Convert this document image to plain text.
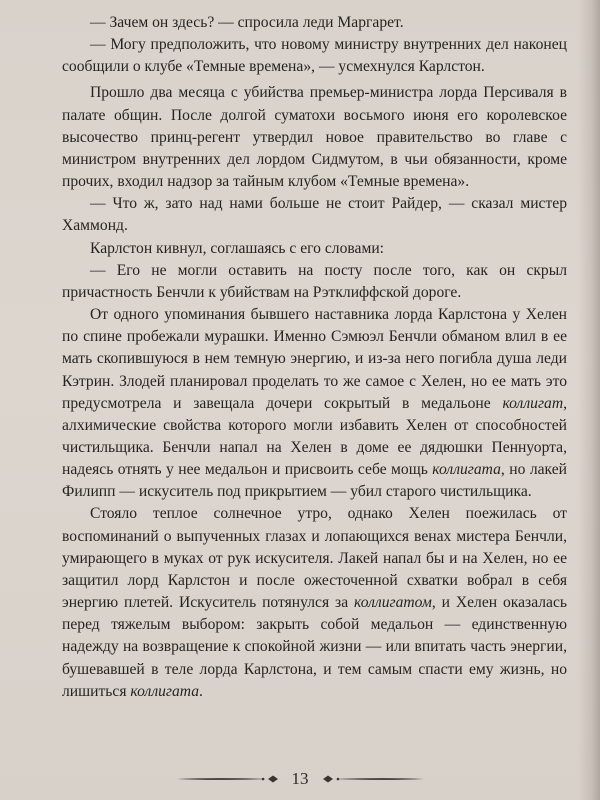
— Зачем он здесь? — спросила леди Маргарет.

— Могу предположить, что новому министру внутренних дел наконец сообщили о клубе «Темные времена», — усмехнулся Карлстон.

Прошло два месяца с убийства премьер-министра лорда Персиваля в палате общин. После долгой суматохи восьмого июня его королевское высочество принц-регент утвердил новое правительство во главе с министром внутренних дел лордом Сидмутом, в чьи обязанности, кроме прочих, входил надзор за тайным клубом «Темные времена».

— Что ж, зато над нами больше не стоит Райдер, — сказал мистер Хаммонд.

Карлстон кивнул, соглашаясь с его словами:

— Его не могли оставить на посту после того, как он скрыл причастность Бенчли к убийствам на Рэтклиффской дороге.

От одного упоминания бывшего наставника лорда Карлстона у Хелен по спине пробежали мурашки. Именно Сэмюэл Бенчли обманом влил в ее мать скопившуюся в нем темную энергию, и из-за него погибла душа леди Кэтрин. Злодей планировал проделать то же самое с Хелен, но ее мать это предусмотрела и завещала дочери сокрытый в медальоне коллигат, алхимические свойства которого могли избавить Хелен от способностей чистильщика. Бенчли напал на Хелен в доме ее дядюшки Пеннуорта, надеясь отнять у нее медальон и присвоить себе мощь коллигата, но лакей Филипп — искуситель под прикрытием — убил старого чистильщика.

Стояло теплое солнечное утро, однако Хелен поежилась от воспоминаний о выпученных глазах и лопающихся венах мистера Бенчли, умирающего в муках от рук искусителя. Лакей напал бы и на Хелен, но ее защитил лорд Карлстон и после ожесточенной схватки вобрал в себя энергию плетей. Искуситель потянулся за коллигатом, и Хелен оказалась перед тяжелым выбором: закрыть собой медальон — единственную надежду на возвращение к спокойной жизни — или впитать часть энергии, бушевавшей в теле лорда Карлстона, и тем самым спасти ему жизнь, но лишиться коллигата.

13
